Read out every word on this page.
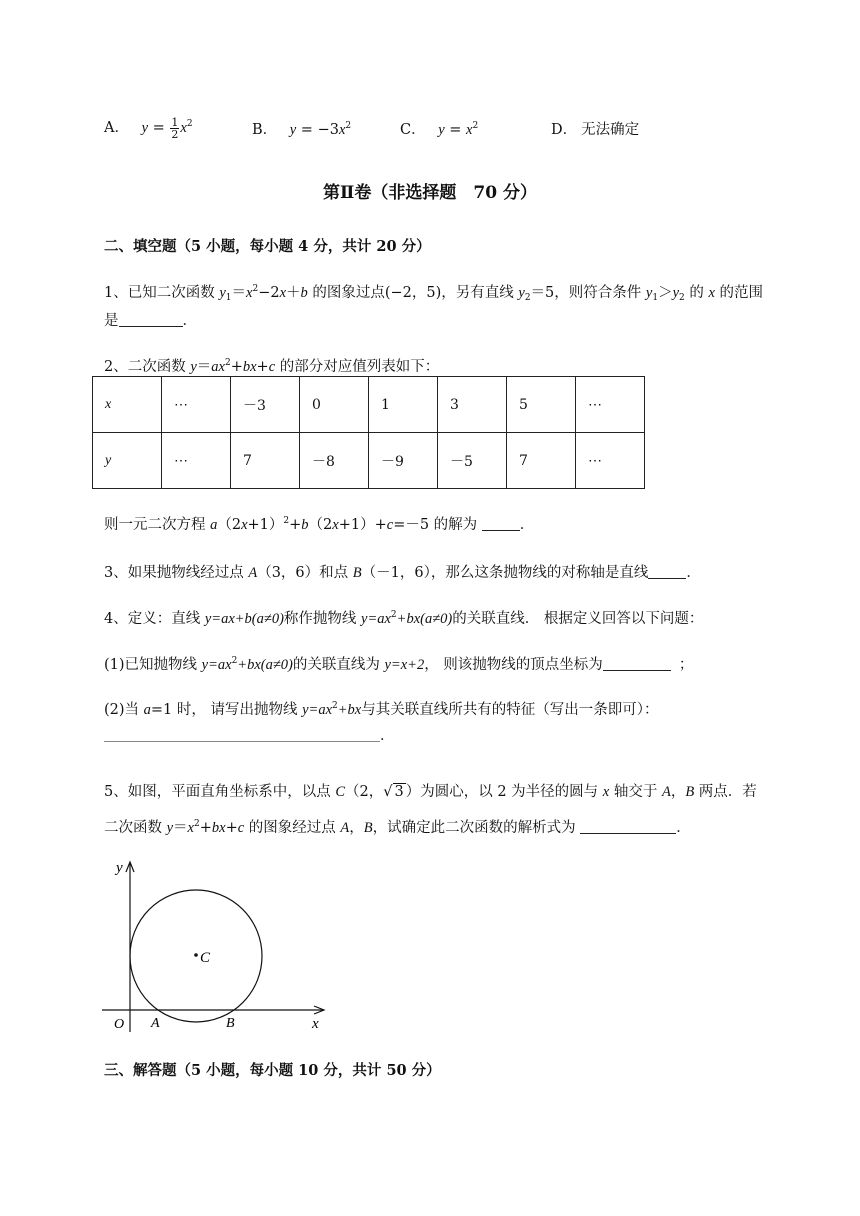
A． $y = \frac{1}{2} x^2$	B． $y = -3x^2$	C． $y = x^2$	D． 无法确定
第Ⅱ卷（非选择题　70 分）
二、填空题（5 小题，每小题 4 分，共计 20 分）
1、已知二次函数 $y_1=x^2-2x+b$ 的图象过点(−2，5)，另有直线 $y_2=5$，则符合条件 $y_1>y_2$ 的 x 的范围
是	．
2、二次函数 $y=ax^2+bx+c$ 的部分对应值列表如下：
x	⋯	－3	0	1	3	5	⋯
y	⋯	7	－8	－9	－5	7	⋯
则一元二次方程 $a(2x+1)^2+b(2x+1)+c=-5$ 的解为	．
3、如果抛物线经过点 A（3，6）和点 B（－1，6），那么这条抛物线的对称轴是直线	．
4、定义：直线 y=ax+b(a≠0)称作抛物线 $y=ax^2+bx(a\ne 0)$的关联直线． 根据定义回答以下问题：
(1)已知抛物线 $y=ax^2+bx(a\ne 0)$的关联直线为 y=x+2， 则该抛物线的顶点坐标为	；
(2)当 a=1 时， 请写出抛物线 $y=ax^2+bx$与其关联直线所共有的特征（写出一条即可）：
．
5、如图，平面直角坐标系中，以点 C（2，√ 3 ）为圆心，以 2 为半径的圆与 x 轴交于 A，B 两点．若
二次函数 $y=x^2+bx+c$ 的图象经过点 A，B，试确定此二次函数的解析式为	．
y
x
O A	B
C
三、解答题（5 小题，每小题 10 分，共计 50 分）
